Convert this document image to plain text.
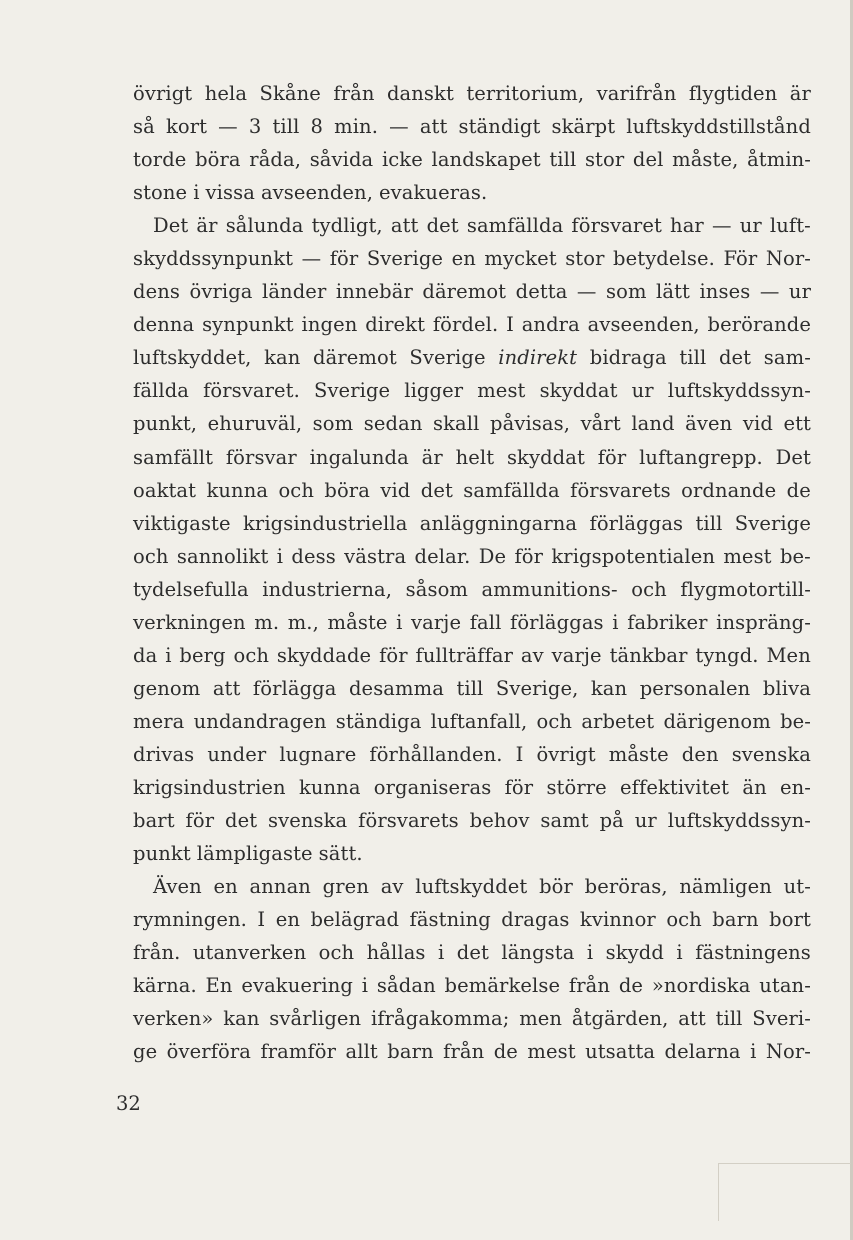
övrigt hela Skåne från danskt territorium, varifrån flygtiden är
så kort — 3 till 8 min. — att ständigt skärpt luftskyddstillstånd
torde böra råda, såvida icke landskapet till stor del måste, åtmin-
stone i vissa avseenden, evakueras.
Det är sålunda tydligt, att det samfällda försvaret har — ur luft-
skyddssynpunkt — för Sverige en mycket stor betydelse. För Nor-
dens övriga länder innebär däremot detta — som lätt inses — ur
denna synpunkt ingen direkt fördel. I andra avseenden, berörande
luftskyddet, kan däremot Sverige indirekt bidraga till det sam-
fällda försvaret. Sverige ligger mest skyddat ur luftskyddssyn-
punkt, ehuruväl, som sedan skall påvisas, vårt land även vid ett
samfällt försvar ingalunda är helt skyddat för luftangrepp. Det
oaktat kunna och böra vid det samfällda försvarets ordnande de
viktigaste krigsindustriella anläggningarna förläggas till Sverige
och sannolikt i dess västra delar. De för krigspotentialen mest be-
tydelsefulla industrierna, såsom ammunitions- och flygmotortill-
verkningen m. m., måste i varje fall förläggas i fabriker inspräng-
da i berg och skyddade för fullträffar av varje tänkbar tyngd. Men
genom att förlägga desamma till Sverige, kan personalen bliva
mera undandragen ständiga luftanfall, och arbetet därigenom be-
drivas under lugnare förhållanden. I övrigt måste den svenska
krigsindustrien kunna organiseras för större effektivitet än en-
bart för det svenska försvarets behov samt på ur luftskyddssyn-
punkt lämpligaste sätt.
Även en annan gren av luftskyddet bör beröras, nämligen ut-
rymningen. I en belägrad fästning dragas kvinnor och barn bort
från. utanverken och hållas i det längsta i skydd i fästningens
kärna. En evakuering i sådan bemärkelse från de »nordiska utan-
verken» kan svårligen ifrågakomma; men åtgärden, att till Sveri-
ge överföra framför allt barn från de mest utsatta delarna i Nor-
32
